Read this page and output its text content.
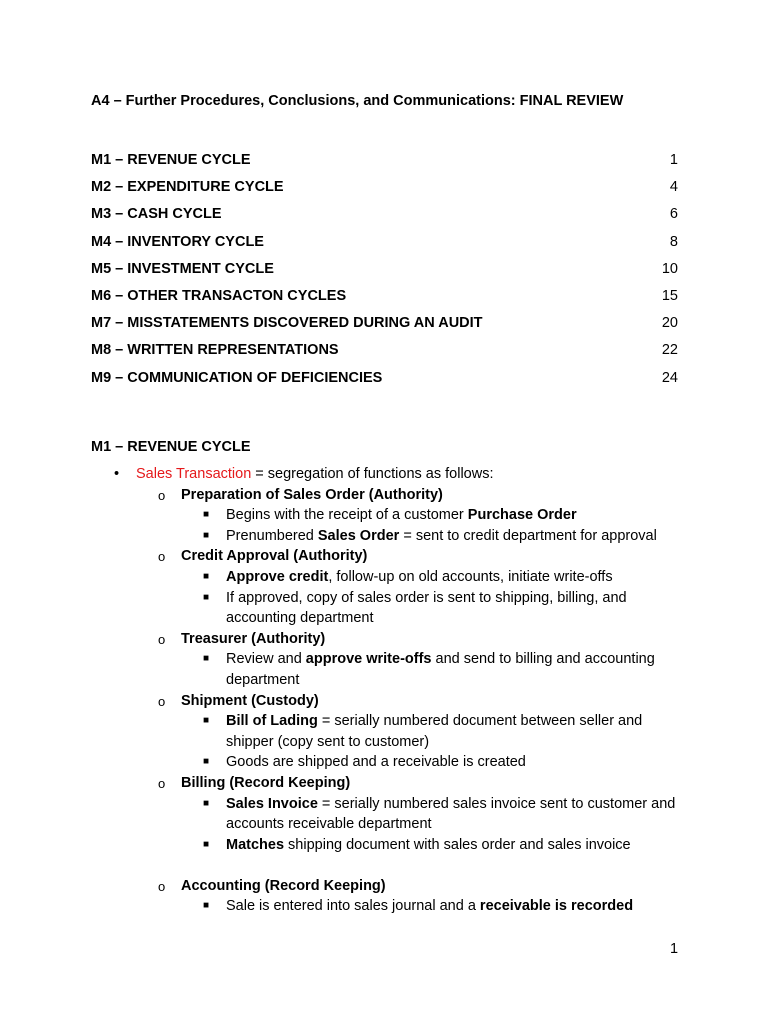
A4 – Further Procedures, Conclusions, and Communications: FINAL REVIEW
M1 – REVENUE CYCLE	1
M2 – EXPENDITURE CYCLE	4
M3 – CASH CYCLE	6
M4 – INVENTORY CYCLE	8
M5 – INVESTMENT CYCLE	10
M6 – OTHER TRANSACTON CYCLES	15
M7 – MISSTATEMENTS DISCOVERED DURING AN AUDIT	20
M8 – WRITTEN REPRESENTATIONS	22
M9 – COMMUNICATION OF DEFICIENCIES	24
M1 – REVENUE CYCLE
• Sales Transaction = segregation of functions as follows:
o Preparation of Sales Order (Authority)
■ Begins with the receipt of a customer Purchase Order
■ Prenumbered Sales Order = sent to credit department for approval
o Credit Approval (Authority)
■ Approve credit, follow-up on old accounts, initiate write-offs
■ If approved, copy of sales order is sent to shipping, billing, and accounting department
o Treasurer (Authority)
■ Review and approve write-offs and send to billing and accounting department
o Shipment (Custody)
■ Bill of Lading = serially numbered document between seller and shipper (copy sent to customer)
■ Goods are shipped and a receivable is created
o Billing (Record Keeping)
■ Sales Invoice = serially numbered sales invoice sent to customer and accounts receivable department
■ Matches shipping document with sales order and sales invoice
o Accounting (Record Keeping)
■ Sale is entered into sales journal and a receivable is recorded
1
